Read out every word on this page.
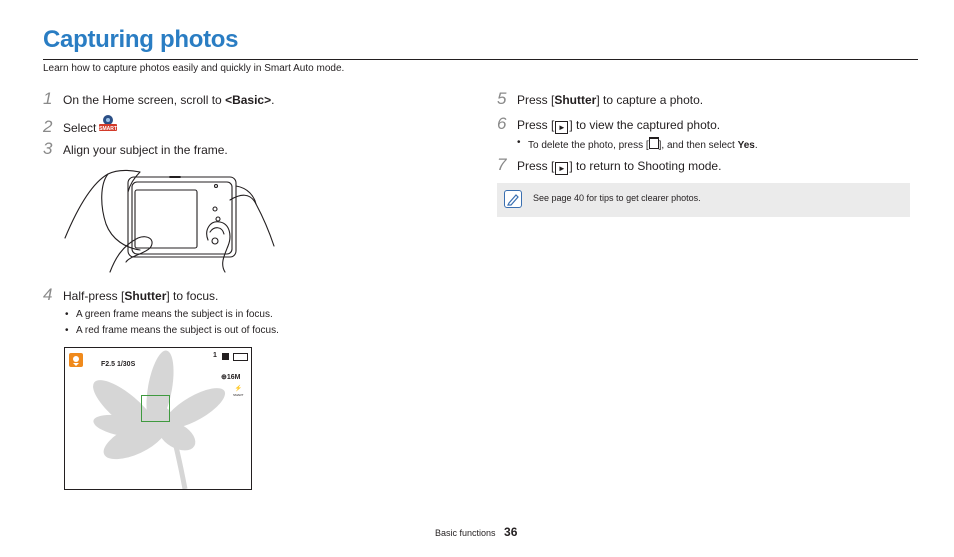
Capturing photos
Learn how to capture photos easily and quickly in Smart Auto mode.
1 On the Home screen, scroll to <Basic>.
2 Select SMART
3 Align your subject in the frame.
4 Half-press [Shutter] to focus.
• A green frame means the subject is in focus.
• A red frame means the subject is out of focus.
F2.5 1/30S
1
⊕16M
⚡
SMART
5 Press [Shutter] to capture a photo.
6 Press [ ► ] to view the captured photo.
• To delete the photo, press [ ], and then select Yes.
7 Press [ ► ] to return to Shooting mode.
See page 40 for tips to get clearer photos.
Basic functions 36
